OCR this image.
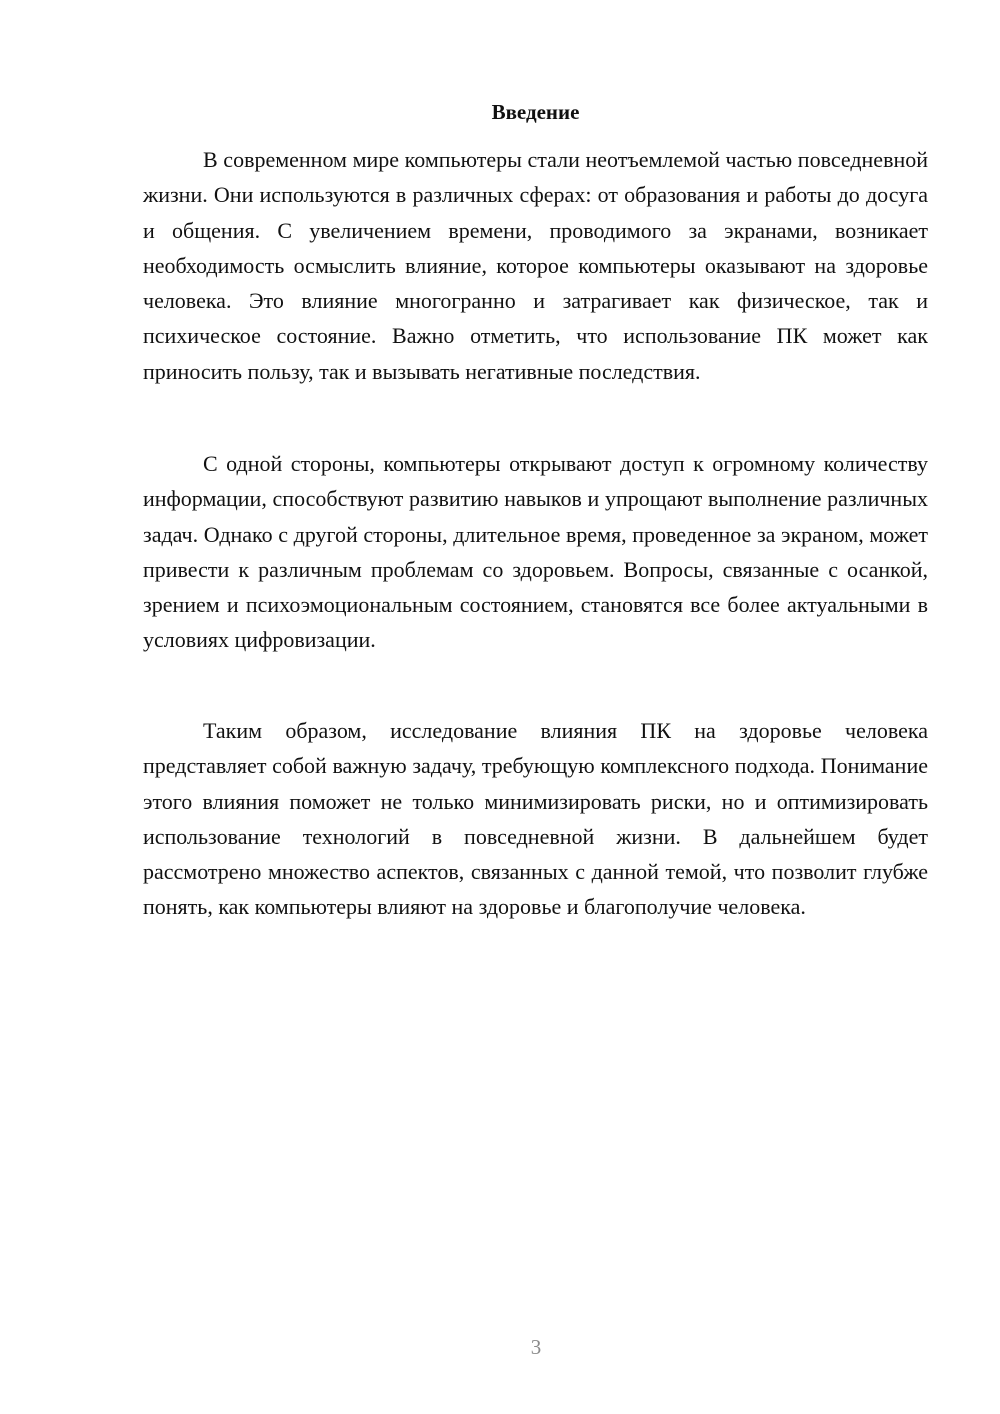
Введение

В современном мире компьютеры стали неотъемлемой частью повседневной жизни. Они используются в различных сферах: от образования и работы до досуга и общения. С увеличением времени, проводимого за экранами, возникает необходимость осмыслить влияние, которое компьютеры оказывают на здоровье человека. Это влияние многогранно и затрагивает как физическое, так и психическое состояние. Важно отметить, что использование ПК может как приносить пользу, так и вызывать негативные последствия.

С одной стороны, компьютеры открывают доступ к огромному количеству информации, способствуют развитию навыков и упрощают выполнение различных задач. Однако с другой стороны, длительное время, проведенное за экраном, может привести к различным проблемам со здоровьем. Вопросы, связанные с осанкой, зрением и психоэмоциональным состоянием, становятся все более актуальными в условиях цифровизации.

Таким образом, исследование влияния ПК на здоровье человека представляет собой важную задачу, требующую комплексного подхода. Понимание этого влияния поможет не только минимизировать риски, но и оптимизировать использование технологий в повседневной жизни. В дальнейшем будет рассмотрено множество аспектов, связанных с данной темой, что позволит глубже понять, как компьютеры влияют на здоровье и благополучие человека.

3
